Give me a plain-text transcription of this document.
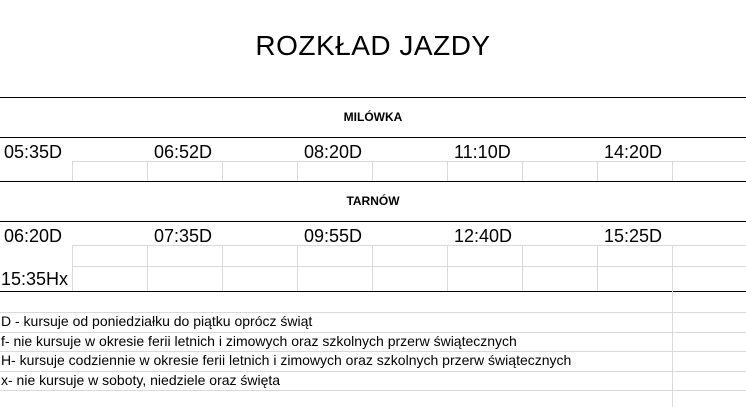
ROZKŁAD JAZDY
MILÓWKA
05:35D	06:52D	08:20D	11:10D	14:20D
TARNÓW
06:20D	07:35D	09:55D	12:40D	15:25D
15:35Hx
D - kursuje od poniedziałku do piątku oprócz świąt
f- nie kursuje w okresie ferii letnich i zimowych oraz szkolnych przerw świątecznych
H- kursuje codziennie w okresie ferii letnich i zimowych oraz szkolnych przerw świątecznych
x- nie kursuje w soboty, niedziele oraz święta
